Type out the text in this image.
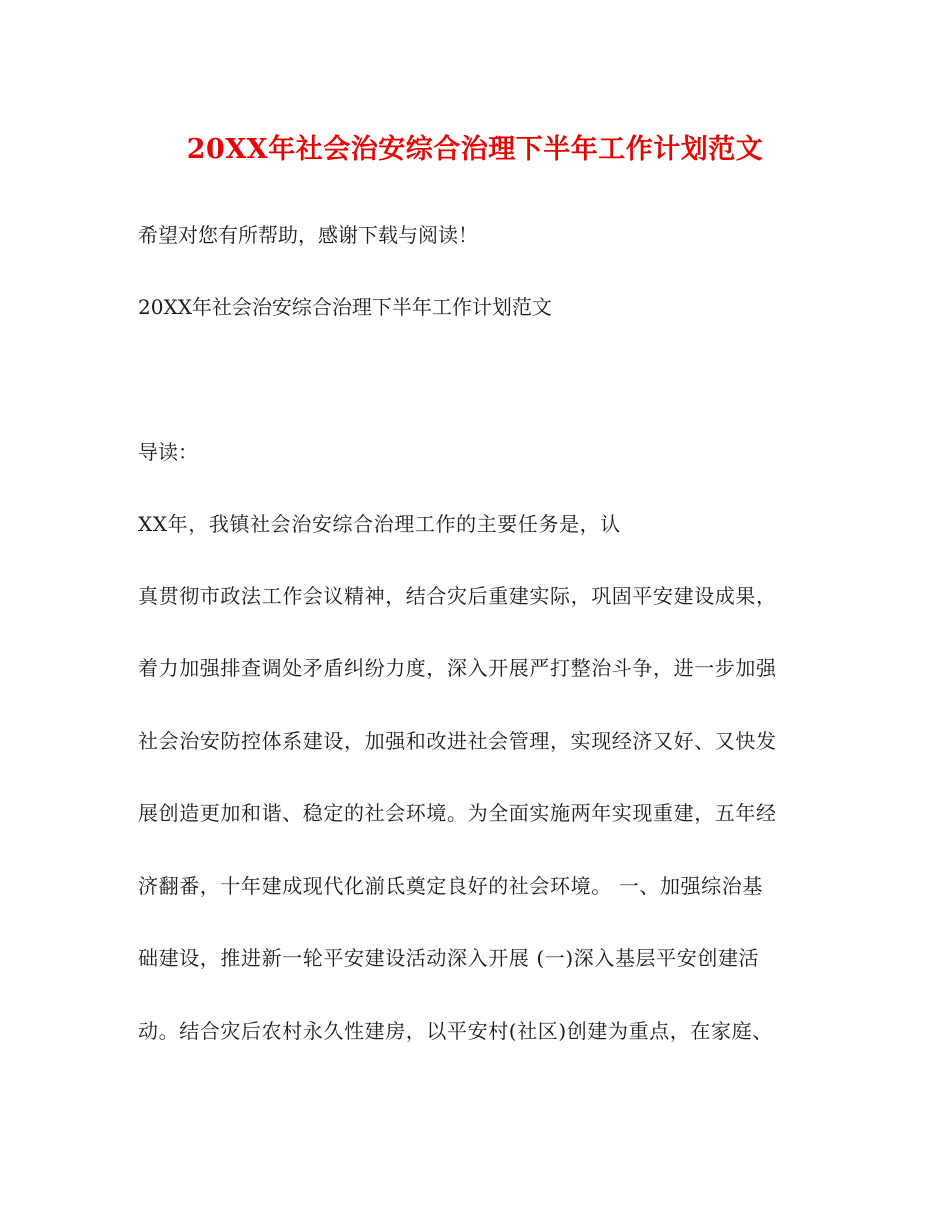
20XX年社会治安综合治理下半年工作计划范文
希望对您有所帮助，感谢下载与阅读！
20XX年社会治安综合治理下半年工作计划范文
导读：
XX年，我镇社会治安综合治理工作的主要任务是，认
真贯彻市政法工作会议精神，结合灾后重建实际，巩固平安建设成果，
着力加强排查调处矛盾纠纷力度，深入开展严打整治斗争，进一步加强
社会治安防控体系建设，加强和改进社会管理，实现经济又好、又快发
展创造更加和谐、稳定的社会环境。为全面实施两年实现重建，五年经
济翻番，十年建成现代化湔氐奠定良好的社会环境。 一、加强综治基
础建设，推进新一轮平安建设活动深入开展 (一)深入基层平安创建活
动。结合灾后农村永久性建房，以平安村(社区)创建为重点，在家庭、
